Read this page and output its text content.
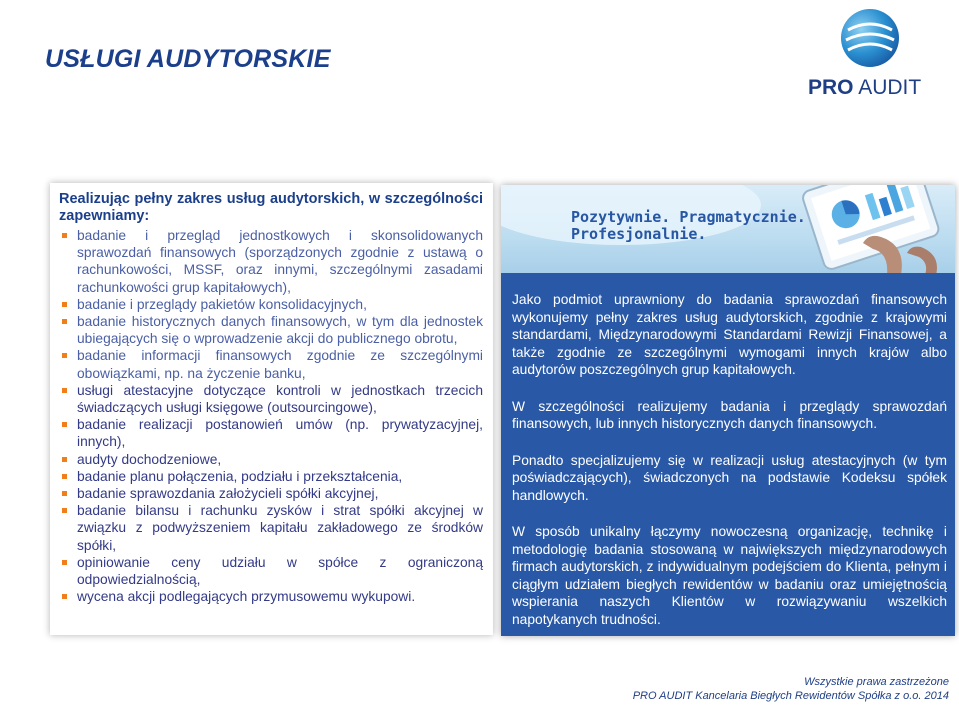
USŁUGI AUDYTORSKIE
PRO AUDIT
Realizując pełny zakres usług audytorskich, w szczególności zapewniamy:
badanie i przegląd jednostkowych i skonsolidowanych sprawozdań finansowych (sporządzonych zgodnie z ustawą o rachunkowości, MSSF, oraz innymi, szczególnymi zasadami rachunkowości grup kapitałowych),
badanie i przeglądy pakietów konsolidacyjnych,
badanie historycznych danych finansowych, w tym dla jednostek ubiegających się o wprowadzenie akcji do publicznego obrotu,
badanie informacji finansowych zgodnie ze szczególnymi obowiązkami, np. na życzenie banku,
usługi atestacyjne dotyczące kontroli w jednostkach trzecich świadczących usługi księgowe (outsourcingowe),
badanie realizacji postanowień umów (np. prywatyzacyjnej, innych),
audyty dochodzeniowe,
badanie planu połączenia, podziału i przekształcenia,
badanie sprawozdania założycieli spółki akcyjnej,
badanie bilansu i rachunku zysków i strat spółki akcyjnej w związku z podwyższeniem kapitału zakładowego ze środków spółki,
opiniowanie ceny udziału w spółce z ograniczoną odpowiedzialnością,
wycena akcji podlegających przymusowemu wykupowi.
Pozytywnie. Pragmatycznie.
Profesjonalnie.

Jako podmiot uprawniony do badania sprawozdań finansowych wykonujemy pełny zakres usług audytorskich, zgodnie z krajowymi standardami, Międzynarodowymi Standardami Rewizji Finansowej, a także zgodnie ze szczególnymi wymogami innych krajów albo audytorów poszczególnych grup kapitałowych.

W szczególności realizujemy badania i przeglądy sprawozdań finansowych, lub innych historycznych danych finansowych.

Ponadto specjalizujemy się w realizacji usług atestacyjnych (w tym poświadczających), świadczonych na podstawie Kodeksu spółek handlowych.

W sposób unikalny łączymy nowoczesną organizację, technikę i metodologię badania stosowaną w największych międzynarodowych firmach audytorskich, z indywidualnym podejściem do Klienta, pełnym i ciągłym udziałem biegłych rewidentów w badaniu oraz umiejętnością wspierania naszych Klientów w rozwiązywaniu wszelkich napotykanych trudności.

Wszystkie prawa zastrzeżone
PRO AUDIT Kancelaria Biegłych Rewidentów Spółka z o.o. 2014
